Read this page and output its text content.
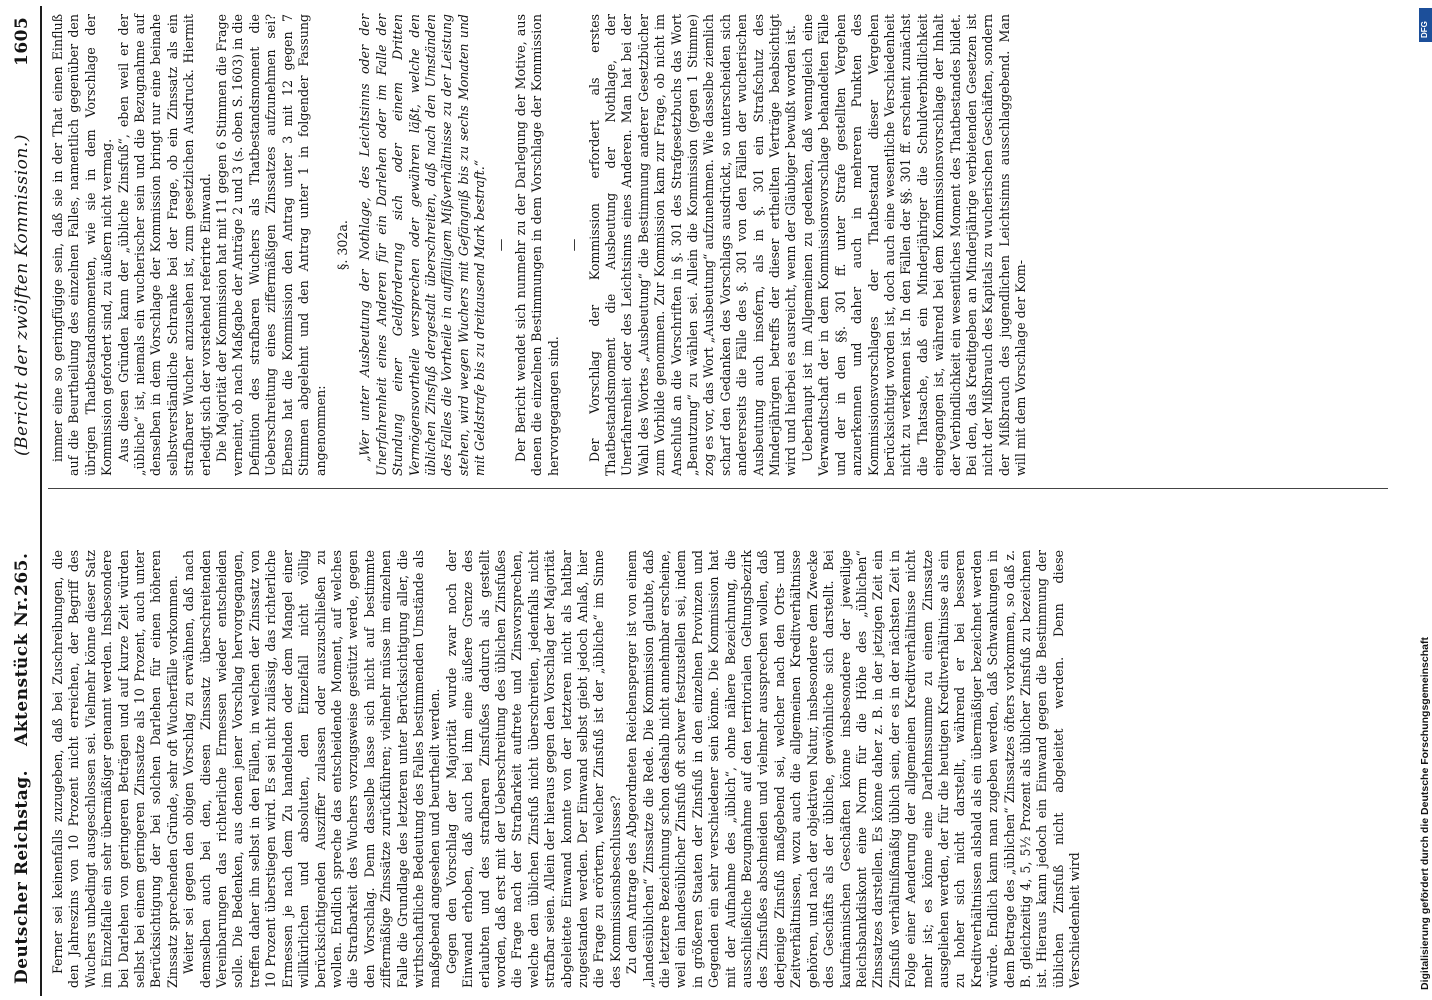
Deutscher Reichstag.
Aktenstück Nr.
265.
(Bericht der zwölften Kommission.)
1605

Ferner sei keinenfalls zuzugeben, daß bei Zuschreibungen, die den Jahreszins von 10 Prozent nicht erreichen, der Begriff des Wuchers unbedingt ausgeschlossen sei. Vielmehr könne dieser Satz im Einzelfalle ein sehr übermäßiger genannt werden. Insbesondere bei Darlehen von geringeren Beträgen und auf kurze Zeit würden selbst bei einem geringeren Zinssatze als 10 Prozent, auch unter Berücksichtigung der bei solchen Darlehen für einen höheren Zinssatz sprechenden Gründe, sehr oft Wucherfälle vorkommen. Weiter sei gegen den obigen Vorschlag zu erwähnen, daß nach demselben auch bei den, diesen Zinssatz überschreitenden Vereinbarungen das richterliche Ermessen wieder entscheiden solle. Die Bedenken, aus denen jener Vorschlag hervorgegangen, treffen daher ihn selbst in den Fällen, in welchen der Zinssatz von 10 Prozent überstiegen wird. Es sei nicht zulässig, das richterliche Ermessen je nach dem Zu handelnden oder dem Mangel einer willkürlichen und absoluten, den Einzelfall nicht völlig berücksichtigenden Ausziffer zulassen oder auszuschließen zu wollen. Endlich spreche das entscheidende Moment, auf welches die Strafbarkeit des Wuchers vorzugsweise gestützt werde, gegen den Vorschlag. Denn dasselbe lasse sich nicht auf bestimmte ziffermäßige Zinssätze zurückführen; vielmehr müsse im einzelnen Falle die Grundlage des letzteren unter Berücksichtigung aller, die wirthschaftliche Bedeutung des Falles bestimmenden Umstände als maßgebend angesehen und beurtheilt werden. Gegen den Vorschlag der Majorität wurde zwar noch der Einwand erhoben, daß auch bei ihm eine äußere Grenze des erlaubten und des strafbaren Zinsfußes dadurch als gestellt worden, daß erst mit der Ueberschreitung des üblichen Zinsfußes die Frage nach der Strafbarkeit auftrete und Zinsvorsprechen, welche den üblichen Zinsfuß nicht überschreiten, jedenfalls nicht strafbar seien. Allein der hieraus gegen den Vorschlag der Majorität abgeleitete Einwand konnte von der letzteren nicht als haltbar zugestanden werden. Der Einwand selbst giebt jedoch Anlaß, hier die Frage zu erörtern, welcher Zinsfuß ist der „übliche“ im Sinne des Kommissionsbeschlusses? Zu dem Antrage des Abgeordneten Reichensperger ist von einem „landesüblichen“ Zinssatze die Rede. Die Kommission glaubte, daß die letztere Bezeichnung schon deshalb nicht annehmbar erscheine, weil ein landesüblicher Zinsfuß oft schwer festzustellen sei, indem in größeren Staaten der Zinsfuß in den einzelnen Provinzen und Gegenden ein sehr verschiedener sein könne. Die Kommission hat mit der Aufnahme des „üblich“, ohne nähere Bezeichnung, die ausschließliche Bezugnahme auf den territorialen Geltungsbezirk des Zinsfußes abschneiden und vielmehr aussprechen wollen, daß derjenige Zinsfuß maßgebend sei, welcher nach den Orts- und Zeitverhältnissen, wozu auch die allgemeinen Kreditverhältnisse gehören, und nach der objektiven Natur, insbesondere dem Zwecke des Geschäfts als der übliche, gewöhnliche sich darstellt. Bei kaufmännischen Geschäften könne insbesondere der jeweilige Reichsbankdiskont eine Norm für die Höhe des „üblichen“ Zinssatzes darstellen. Es könne daher z. B. in der jetzigen Zeit ein Zinsfuß verhältnißmäßig üblich sein, der es in der nächsten Zeit in Folge einer Aenderung der allgemeinen Kreditverhältnisse nicht mehr ist; es könne eine Darlehnssumme zu einem Zinssatze ausgeliehen werden, der für die heutigen Kreditverhältnisse als ein zu hoher sich nicht darstellt, während er bei besseren Kreditverhältnissen alsbald als ein übermäßiger bezeichnet werden würde. Endlich kann man zugeben werden, daß Schwankungen in dem Betrage des „üblichen“ Zinssatzes öfters vorkommen, so daß z. B. gleichzeitig 4, 5, 5½ Prozent als üblicher Zinsfuß zu bezeichnen ist. Hieraus kann jedoch ein Einwand gegen die Bestimmung der üblichen Zinsfuß nicht abgeleitet werden. Denn diese Verschiedenheit wird

immer eine so geringfügige sein, daß sie in der That einen Einfluß auf die Beurtheilung des einzelnen Falles, namentlich gegenüber den übrigen Thatbestandsmomenten, wie sie in dem Vorschlage der Kommission gefordert sind, zu äußern nicht vermag. Aus diesen Gründen kann der „übliche Zinsfuß“, eben weil er der „übliche“ ist, niemals ein wucherischer sein und die Bezugnahme auf denselben in dem Vorschlage der Kommission bringt nur eine beinahe selbstverständliche Schranke bei der Frage, ob ein Zinssatz als ein strafbarer Wucher anzusehen ist, zum gesetzlichen Ausdruck. Hiermit erledigt sich der vorstehend referirte Einwand. Die Majorität der Kommission hat mit 11 gegen 6 Stimmen die Frage verneint, ob nach Maßgabe der Anträge 2 und 3 (s. oben S. 1603) in die Definition des strafbaren Wuchers als Thatbestandsmoment die Ueberschreitung eines ziffermäßigen Zinssatzes aufzunehmen sei? Ebenso hat die Kommission den Antrag unter 3 mit 12 gegen 7 Stimmen abgelehnt und den Antrag unter 1 in folgender Fassung angenommen:

§. 302a. „Wer unter Ausbeutung der Nothlage, des Leichtsinns oder der Unerfahrenheit eines Anderen für ein Darlehen oder im Falle der Stundung einer Geldforderung sich oder einem Dritten Vermögensvortheile versprechen oder gewähren läßt, welche den üblichen Zinsfuß dergestalt überschreiten, daß nach den Umständen des Falles die Vortheile in auffälligem Mißverhältnisse zu der Leistung stehen, wird wegen Wuchers mit Gefängniß bis zu sechs Monaten und mit Geldstrafe bis zu dreitausend Mark bestraft.“ — Der Bericht wendet sich nunmehr zu der Darlegung der Motive, aus denen die einzelnen Bestimmungen in dem Vorschlage der Kommission hervorgegangen sind.

— Der Vorschlag der Kommission erfordert als erstes Thatbestandsmoment die Ausbeutung der Nothlage, der Unerfahrenheit oder des Leichtsinns eines Anderen. Man hat bei der Wahl des Wortes „Ausbeutung“ die Bestimmung anderer Gesetzbücher zum Vorbilde genommen. Zur Kommission kam zur Frage, ob nicht im Anschluß an die Vorschriften in §. 301 des Strafgesetzbuchs das Wort „Benutzung“ zu wählen sei. Allein die Kommission (gegen 1 Stimme) zog es vor, das Wort „Ausbeutung“ aufzunehmen. Wie dasselbe ziemlich scharf den Gedanken des Vorschlags ausdrückt, so unterscheiden sich andererseits die Fälle des §. 301 von den Fällen der wucherischen Ausbeutung auch insofern, als in §. 301 ein Strafschutz des Minderjährigen betreffs der dieser ertheilten Verträge beabsichtigt wird und hierbei es ausreicht, wenn der Gläubiger bewußt worden ist. Ueberhaupt ist im Allgemeinen zu gedenken, daß wenngleich eine Verwandtschaft der in dem Kommissionsvorschlage behandelten Fälle und der in den §§. 301 ff. unter Strafe gestellten Vergehen anzuerkennen und daher auch in mehreren Punkten des Kommissionsvorschlages der Thatbestand dieser Vergehen berücksichtigt worden ist, doch auch eine wesentliche Verschiedenheit nicht zu verkennen ist. In den Fällen der §§. 301 ff. erscheint zunächst die Thatsache, daß ein Minderjähriger die Schuldverbindlichkeit eingegangen ist, während bei dem Kommissionsvorschlage der Inhalt der Verbindlichkeit ein wesentliches Moment des Thatbestandes bildet. Bei den, das Kreditgeben an Minderjährige verbietenden Gesetzen ist nicht der Mißbrauch des Kapitals zu wucherischen Geschäften, sondern der Mißbrauch des jugendlichen Leichtsinns ausschlaggebend. Man will mit dem Vorschlage der Kom-

DFG
Digitalisierung gefördert durch die Deutsche Forschungsgemeinschaft
